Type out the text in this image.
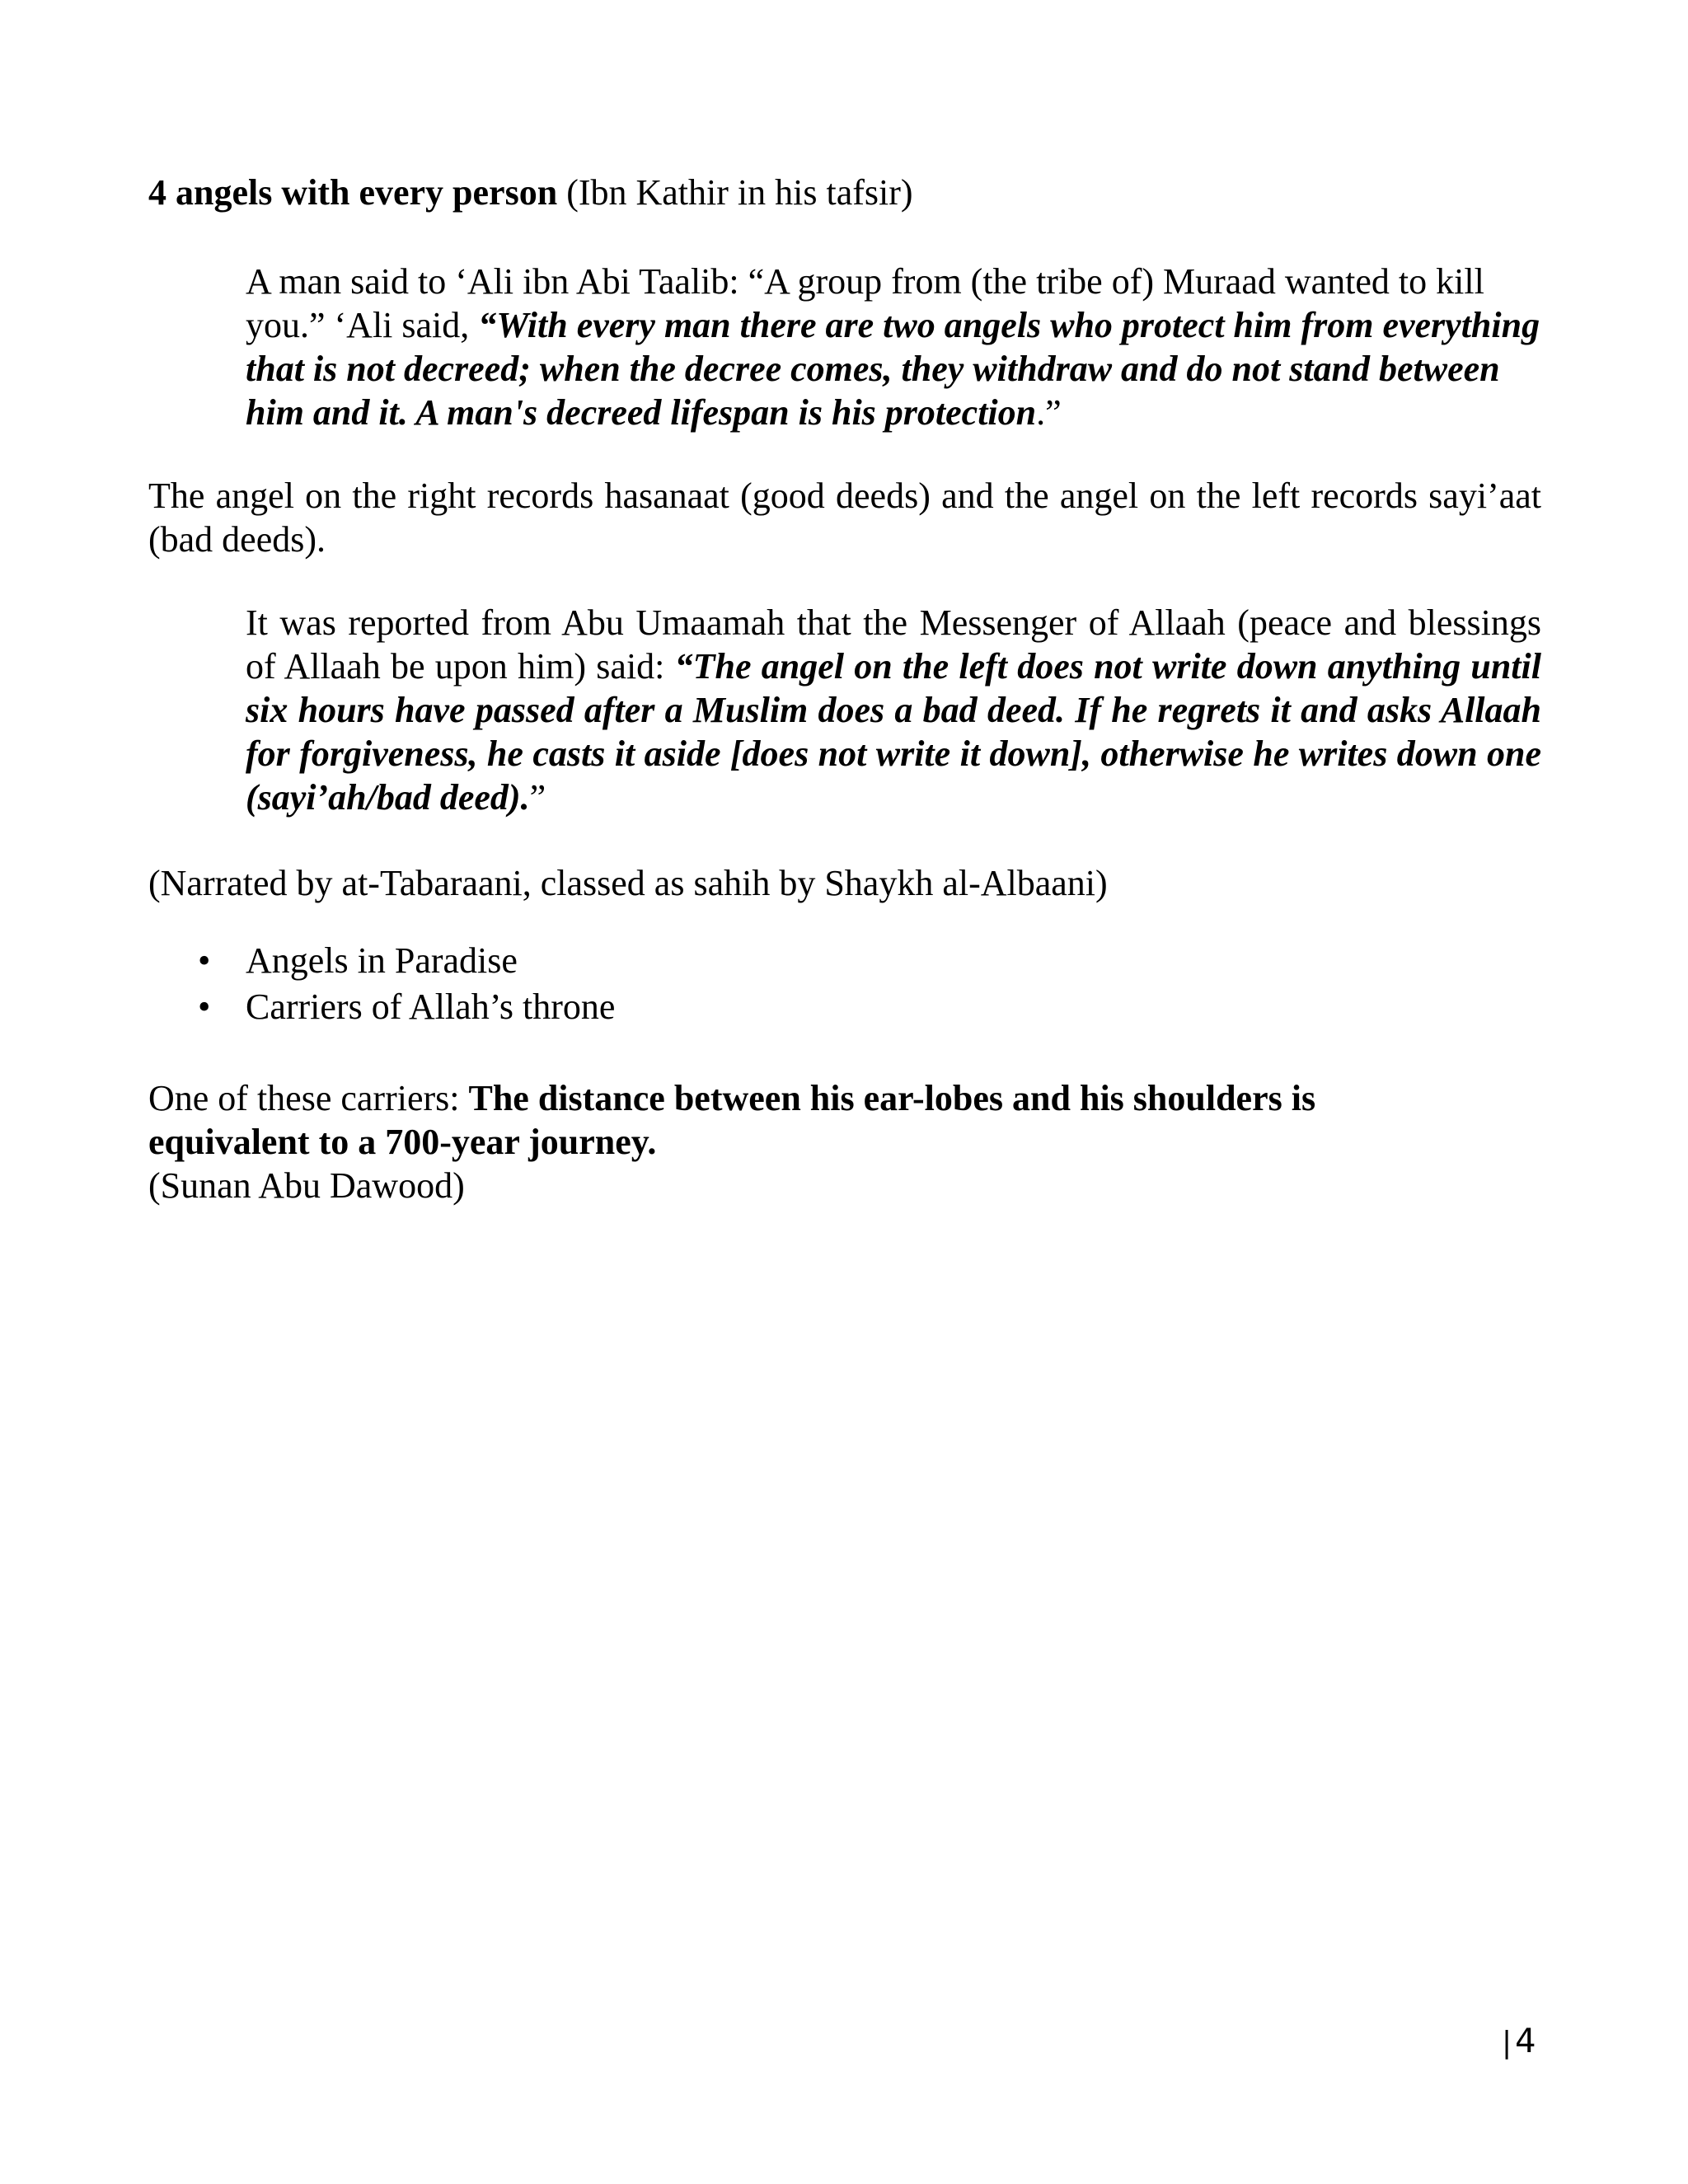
4 angels with every person (Ibn Kathir in his tafsir)

A man said to ‘Ali ibn Abi Taalib: “A group from (the tribe of) Muraad wanted to kill you.” ‘Ali said, “With every man there are two angels who protect him from everything that is not decreed; when the decree comes, they withdraw and do not stand between him and it. A man's decreed lifespan is his protection.”

The angel on the right records hasanaat (good deeds) and the angel on the left records sayi’aat (bad deeds).

It was reported from Abu Umaamah that the Messenger of Allaah (peace and blessings of Allaah be upon him) said: “The angel on the left does not write down anything until six hours have passed after a Muslim does a bad deed. If he regrets it and asks Allaah for forgiveness, he casts it aside [does not write it down], otherwise he writes down one (sayi’ah/bad deed).”

(Narrated by at-Tabaraani, classed as sahih by Shaykh al-Albaani)

• Angels in Paradise
• Carriers of Allah’s throne

One of these carriers: The distance between his ear-lobes and his shoulders is equivalent to a 700-year journey.
(Sunan Abu Dawood)

| 4
